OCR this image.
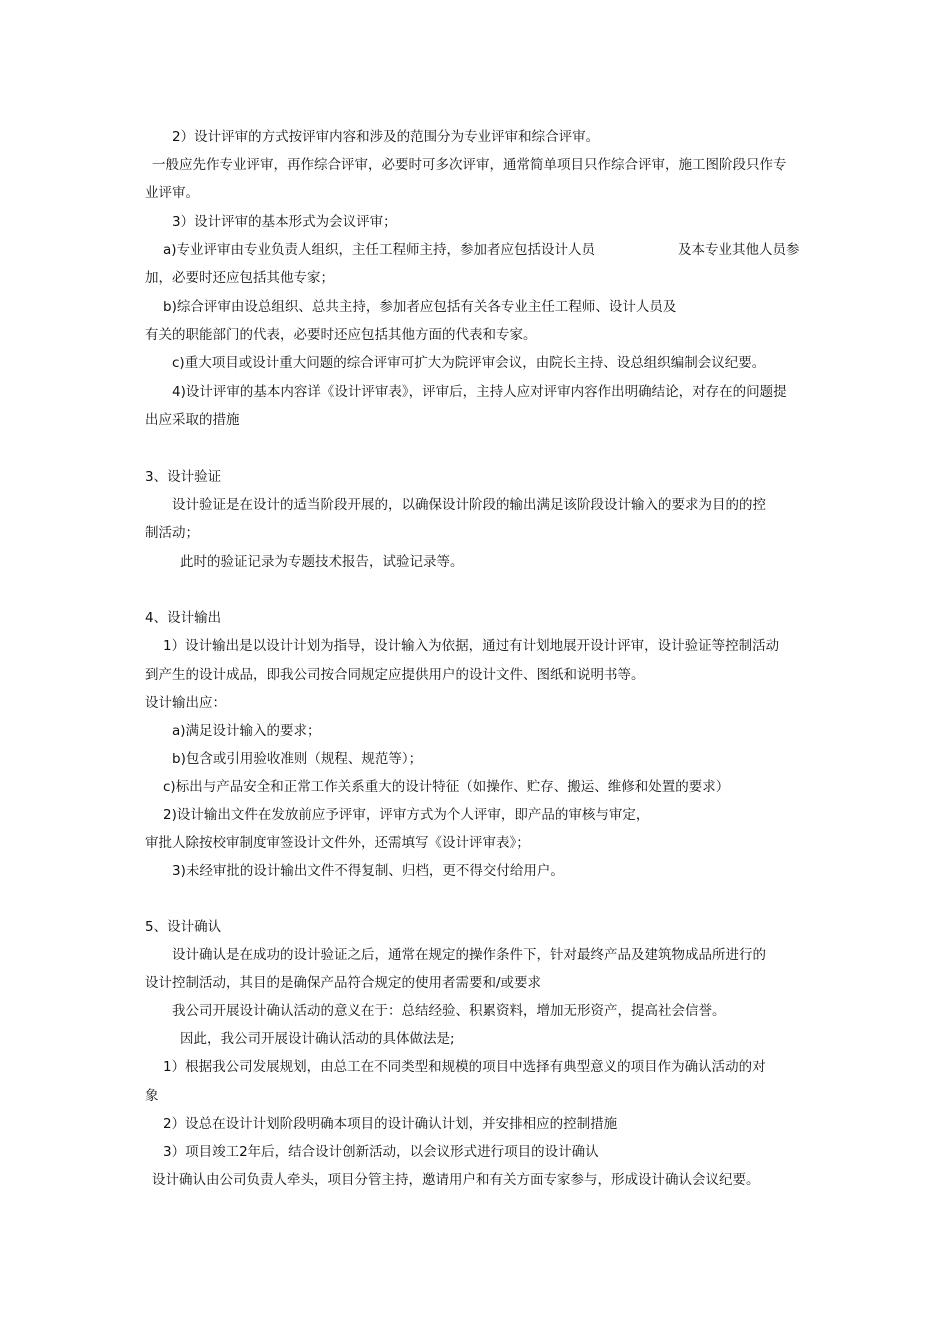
2）设计评审的方式按评审内容和涉及的范围分为专业评审和综合评审。
一般应先作专业评审，再作综合评审，必要时可多次评审，通常简单项目只作综合评审，施工图阶段只作专
业评审。
3）设计评审的基本形式为会议评审；
a)专业评审由专业负责人组织，主任工程师主持，参加者应包括设计人员	及本专业其他人员参
加，必要时还应包括其他专家；
b)综合评审由设总组织、总共主持，参加者应包括有关各专业主任工程师、设计人员及
有关的职能部门的代表，必要时还应包括其他方面的代表和专家。
c)重大项目或设计重大问题的综合评审可扩大为院评审会议，由院长主持、设总组织编制会议纪要。
4)设计评审的基本内容详《设计评审表》，评审后，主持人应对评审内容作出明确结论，对存在的问题提
出应采取的措施
3、设计验证
设计验证是在设计的适当阶段开展的，以确保设计阶段的输出满足该阶段设计输入的要求为目的的控
制活动；
此时的验证记录为专题技术报告，试验记录等。
4、设计输出
1）设计输出是以设计计划为指导，设计输入为依据，通过有计划地展开设计评审，设计验证等控制活动
到产生的设计成品，即我公司按合同规定应提供用户的设计文件、图纸和说明书等。
设计输出应：
a)满足设计输入的要求；
b)包含或引用验收准则（规程、规范等）；
c)标出与产品安全和正常工作关系重大的设计特征（如操作、贮存、搬运、维修和处置的要求）
2)设计输出文件在发放前应予评审，评审方式为个人评审，即产品的审核与审定，
审批人除按校审制度审签设计文件外，还需填写《设计评审表》；
3)未经审批的设计输出文件不得复制、归档，更不得交付给用户。
5、设计确认
设计确认是在成功的设计验证之后，通常在规定的操作条件下，针对最终产品及建筑物成品所进行的
设计控制活动，其目的是确保产品符合规定的使用者需要和/或要求
我公司开展设计确认活动的意义在于：总结经验、积累资料，增加无形资产，提高社会信誉。
因此，我公司开展设计确认活动的具体做法是;
1）根据我公司发展规划，由总工在不同类型和规模的项目中选择有典型意义的项目作为确认活动的对
象
2）设总在设计计划阶段明确本项目的设计确认计划，并安排相应的控制措施
3）项目竣工2年后，结合设计创新活动，以会议形式进行项目的设计确认
设计确认由公司负责人牵头，项目分管主持，邀请用户和有关方面专家参与，形成设计确认会议纪要。
